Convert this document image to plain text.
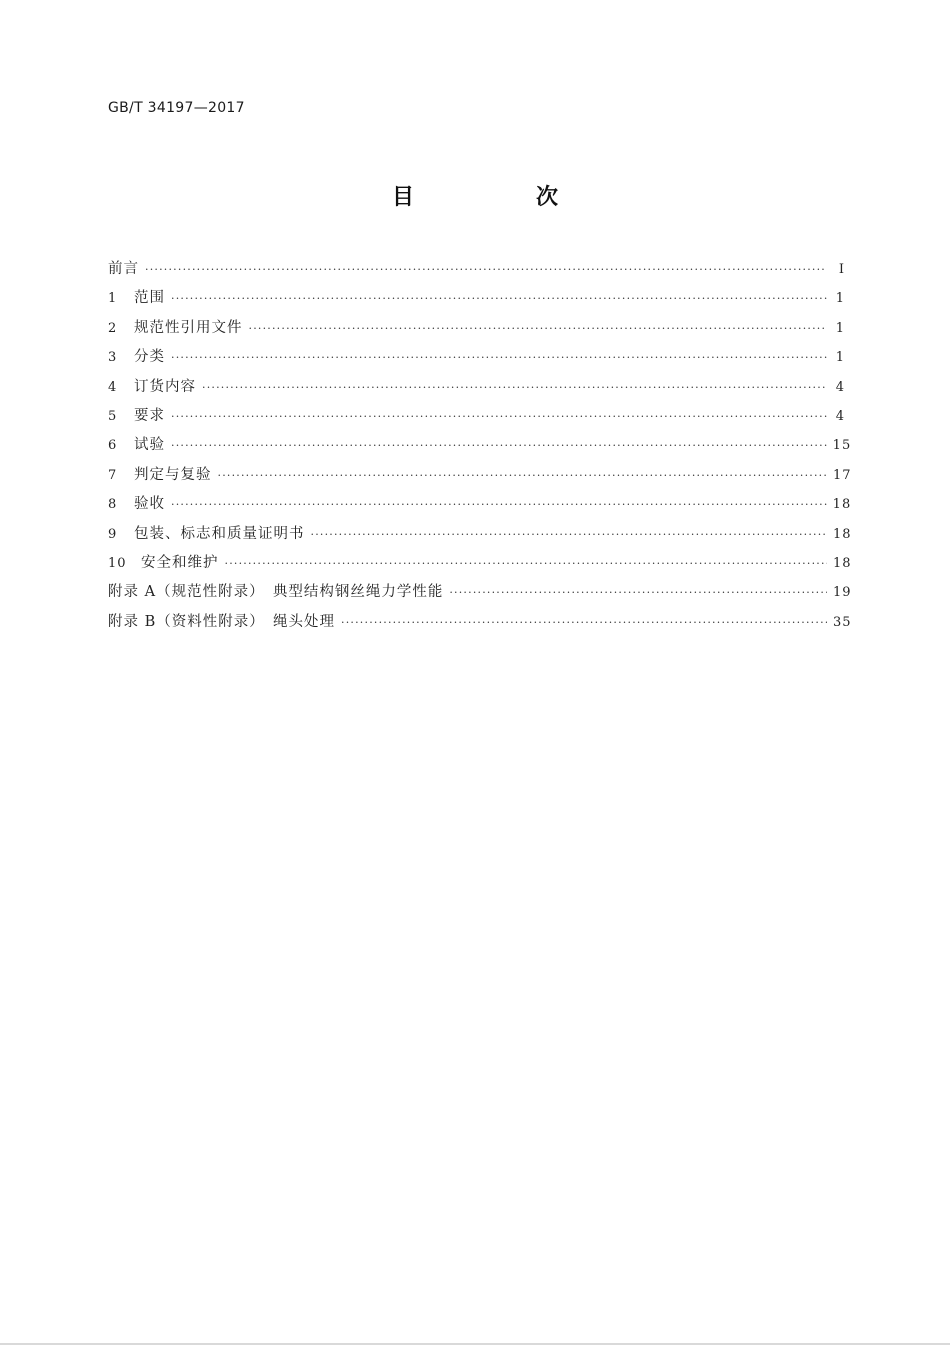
GB/T 34197—2017
目　次
前言 ·····	Ⅰ
1	范围 ·····	1
2	规范性引用文件 ·····	1
3	分类 ·····	1
4	订货内容 ·····	4
5	要求 ·····	4
6	试验 ·····	15
7	判定与复验 ·····	17
8	验收 ·····	18
9	包装、标志和质量证明书 ·····	18
10 安全和维护 ·····	18
附录 A（规范性附录）　典型结构钢丝绳力学性能 ·····	19
附录 B（资料性附录）　绳头处理 ·····	35
